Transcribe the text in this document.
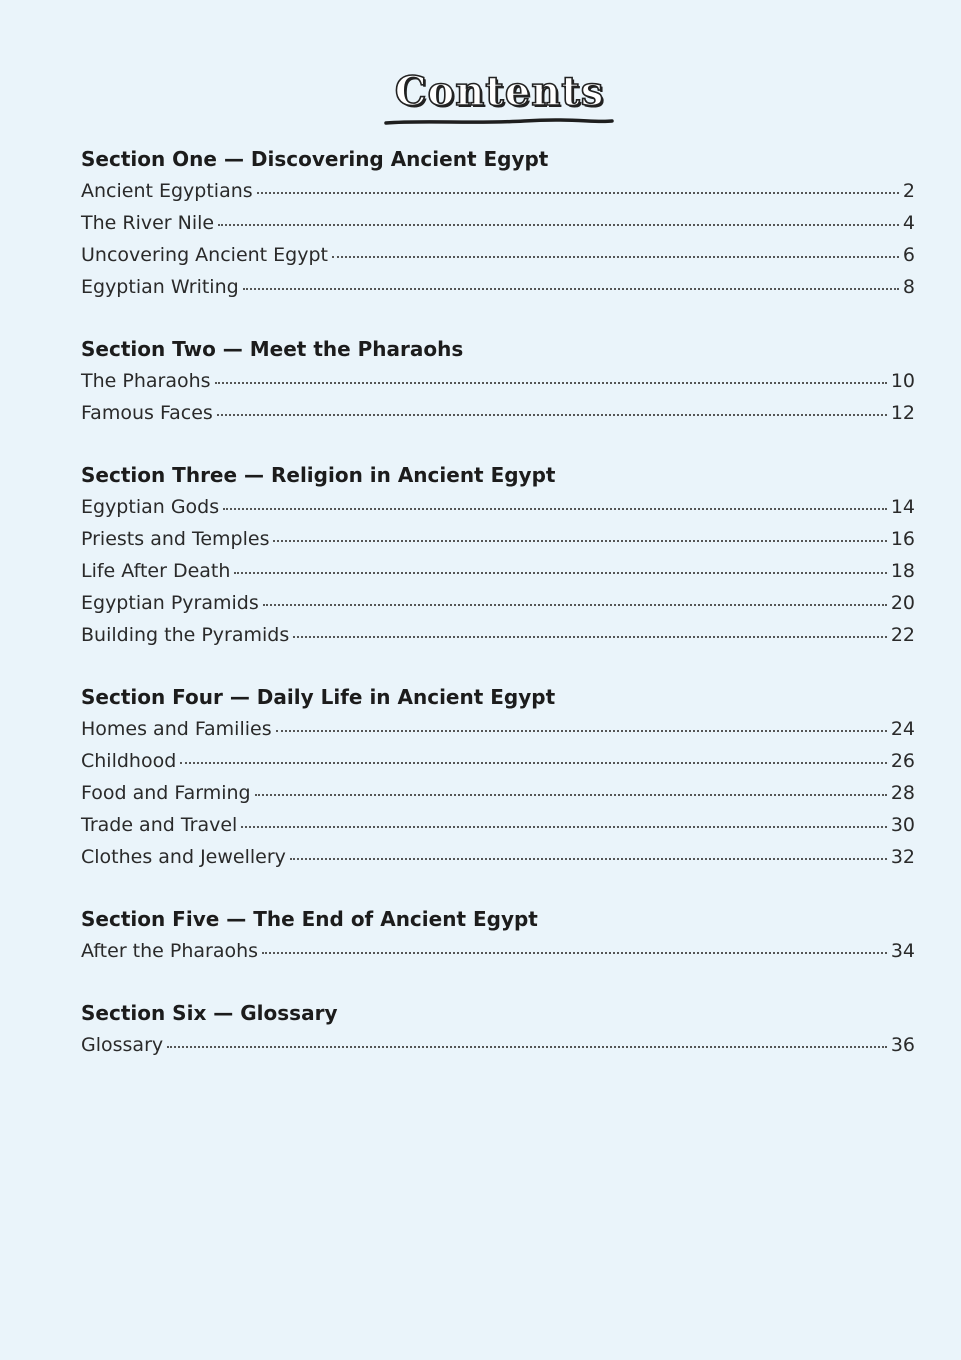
Contents
Section One — Discovering Ancient Egypt
Ancient Egyptians	2
The River Nile	4
Uncovering Ancient Egypt	6
Egyptian Writing	8
Section Two — Meet the Pharaohs
The Pharaohs	10
Famous Faces	12
Section Three — Religion in Ancient Egypt
Egyptian Gods	14
Priests and Temples	16
Life After Death	18
Egyptian Pyramids	20
Building the Pyramids	22
Section Four — Daily Life in Ancient Egypt
Homes and Families	24
Childhood	26
Food and Farming	28
Trade and Travel	30
Clothes and Jewellery	32
Section Five — The End of Ancient Egypt
After the Pharaohs	34
Section Six — Glossary
Glossary	36
